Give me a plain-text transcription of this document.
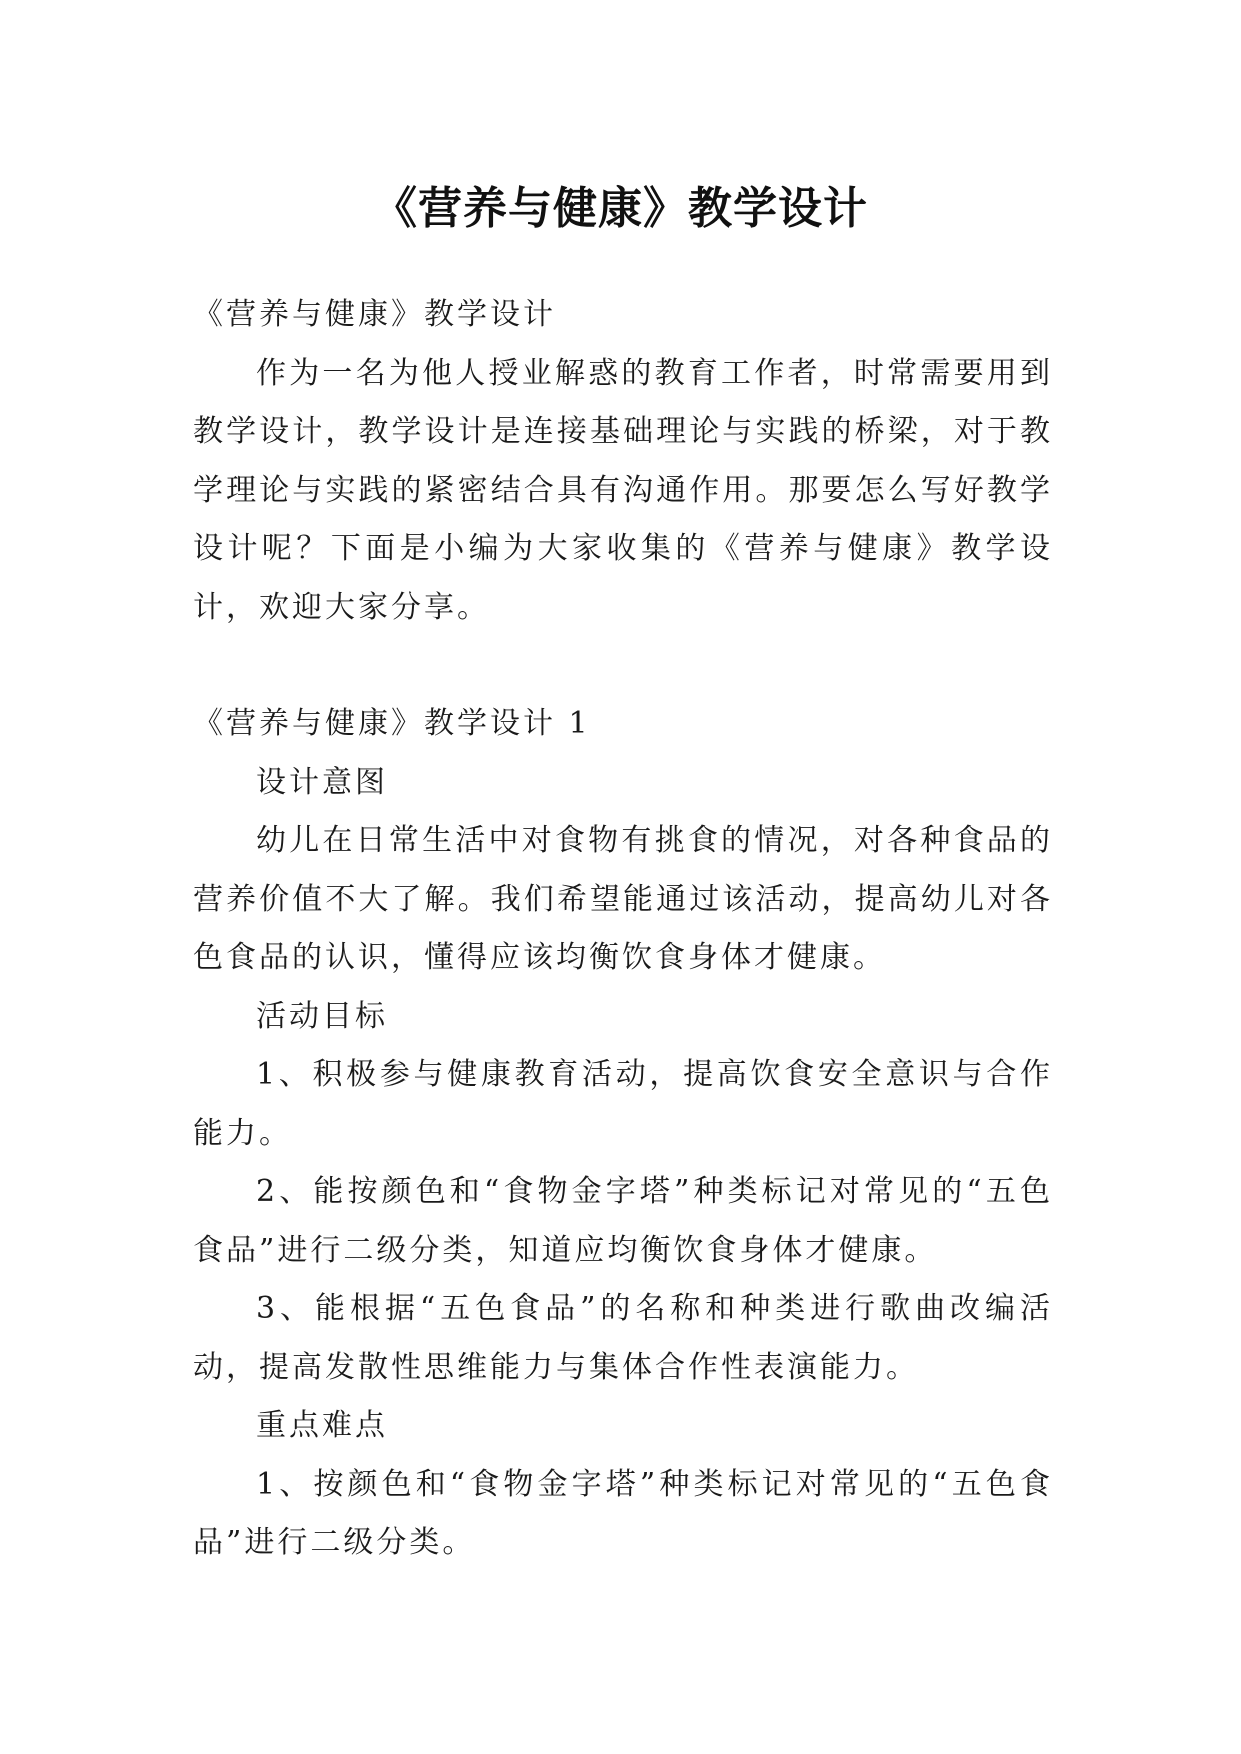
《营养与健康》教学设计

《营养与健康》教学设计

作为一名为他人授业解惑的教育工作者，时常需要用到教学设计，教学设计是连接基础理论与实践的桥梁，对于教学理论与实践的紧密结合具有沟通作用。那要怎么写好教学设计呢？下面是小编为大家收集的《营养与健康》教学设计，欢迎大家分享。

《营养与健康》教学设计 1

设计意图

幼儿在日常生活中对食物有挑食的情况，对各种食品的营养价值不大了解。我们希望能通过该活动，提高幼儿对各色食品的认识，懂得应该均衡饮食身体才健康。

活动目标

1、积极参与健康教育活动，提高饮食安全意识与合作能力。

2、能按颜色和“食物金字塔”种类标记对常见的“五色食品”进行二级分类，知道应均衡饮食身体才健康。

3、能根据“五色食品”的名称和种类进行歌曲改编活动，提高发散性思维能力与集体合作性表演能力。

重点难点

1、按颜色和“食物金字塔”种类标记对常见的“五色食品”进行二级分类。
